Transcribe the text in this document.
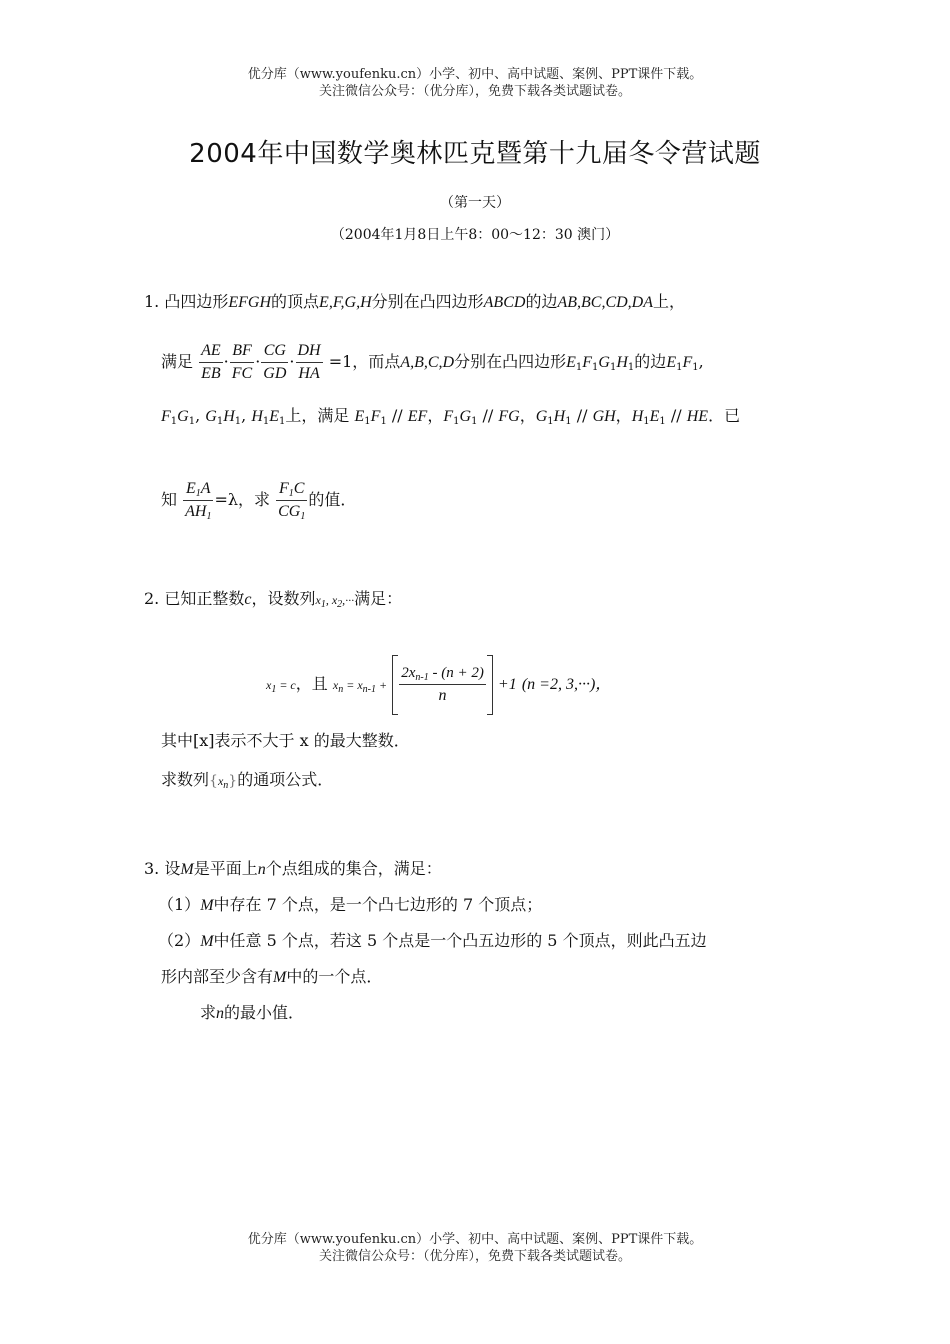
优分库（www.youfenku.cn）小学、初中、高中试题、案例、PPT课件下载。
关注微信公众号：（优分库），免费下载各类试题试卷。
2004年中国数学奥林匹克暨第十九届冬令营试题
（第一天）
（2004年1月8日上午8：00～12：30 澳门）
1. 凸四边形EFGH的顶点E,F,G,H分别在凸四边形ABCD的边AB,BC,CD,DA上，
满足 $\frac{AE}{EB} \cdot \frac{BF}{FC} \cdot \frac{CG}{GD} \cdot \frac{DH}{HA} =1$，而点A,B,C,D分别在凸四边形$E_1F_1G_1H_1$的边$E_1F_1$,
$F_1G_1$, $G_1H_1$, $H_1E_1$上，满足 $E_1F_1$ // EF，$F_1G_1$ // FG，$G_1H_1$ // GH，$H_1E_1$ // HE．已
知 $\frac{E_1A}{AH_1} =\lambda$，求 $\frac{F_1C}{CG_1}$ 的值．
2. 已知正整数c，设数列$x_1$, $x_2,\cdot\cdot\cdot$满足：
$x_1 = c$，且 $x_n = x_{n-1} + \frac{2x_{n-1} - (n + 2)}{n} +1$ (n =2, 3,···)，
其中[x]表示不大于 x 的最大整数．
求数列$\{x_n\}$的通项公式．
3. 设M是平面上n个点组成的集合，满足：
（1）M中存在 7 个点，是一个凸七边形的 7 个顶点；
（2）M中任意 5 个点，若这 5 个点是一个凸五边形的 5 个顶点，则此凸五边
形内部至少含有M中的一个点．
求n的最小值．
优分库（www.youfenku.cn）小学、初中、高中试题、案例、PPT课件下载。
关注微信公众号：（优分库），免费下载各类试题试卷。
